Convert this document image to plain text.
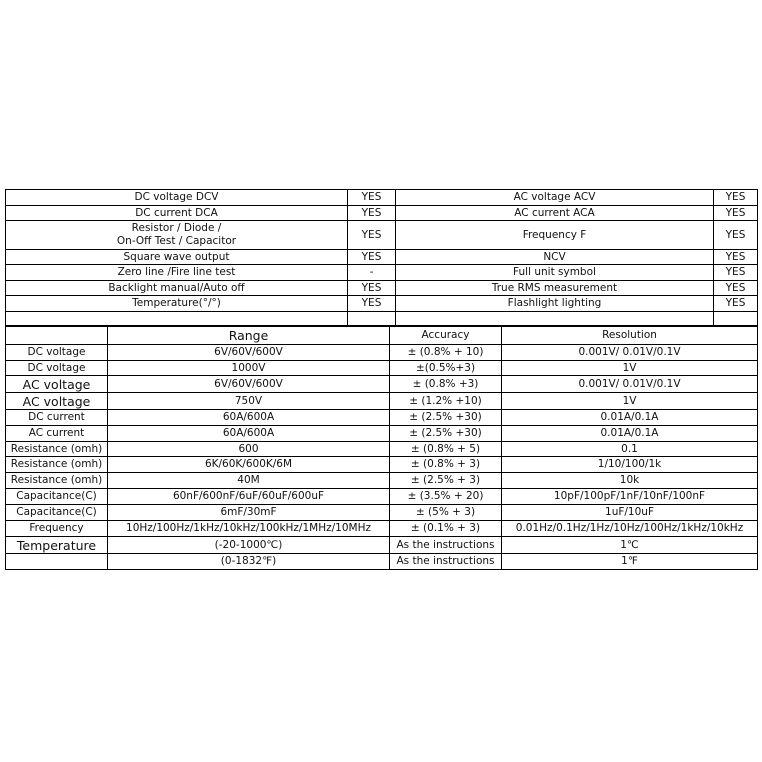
DC voltage DCV	YES	AC voltage ACV	YES
DC current DCA	YES	AC current ACA	YES

Resistor / Diode /
On-Off Test / Capacitor	YES	Frequency F	YES
Square wave output	YES	NCV	YES
Zero line /Fire line test	-	Full unit symbol	YES
Backlight manual/Auto off	YES	True RMS measurement	YES
Temperature(°/°)	YES	Flashlight lighting	YES

	Range	Accuracy	Resolution
DC voltage	6V/60V/600V	± (0.8% + 10)	0.001V/ 0.01V/0.1V
DC voltage	1000V	±(0.5%+3)	1V
AC voltage	6V/60V/600V	± (0.8% +3)	0.001V/ 0.01V/0.1V
AC voltage	750V	± (1.2% +10)	1V
DC current	60A/600A	± (2.5% +30)	0.01A/0.1A
AC current	60A/600A	± (2.5% +30)	0.01A/0.1A
Resistance (omh)	600	± (0.8% + 5)	0.1
Resistance (omh)	6K/60K/600K/6M	± (0.8% + 3)	1/10/100/1k
Resistance (omh)	40M	± (2.5% + 3)	10k
Capacitance(C)	60nF/600nF/6uF/60uF/600uF	± (3.5% + 20)	10pF/100pF/1nF/10nF/100nF
Capacitance(C)	6mF/30mF	± (5% + 3)	1uF/10uF
Frequency	10Hz/100Hz/1kHz/10kHz/100kHz/1MHz/10MHz	± (0.1% + 3)	0.01Hz/0.1Hz/1Hz/10Hz/100Hz/1kHz/10kHz
Temperature	(-20-1000℃)	As the instructions	1℃
	(0-1832℉)	As the instructions	1℉
